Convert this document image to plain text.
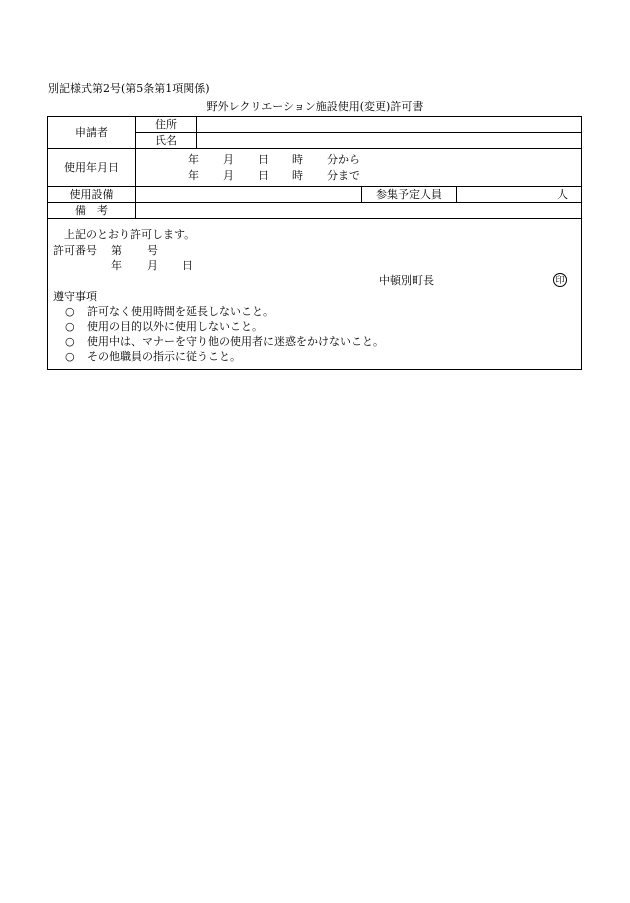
別記様式第2号(第5条第1項関係)
野外レクリエーション施設使用(変更)許可書
申請者
住所
氏名
使用年月日
年 月 日 時 分から
年 月 日 時 分まで
使用設備	参集予定人員	人
備　考
上記のとおり許可します。
許可番号 第 号
年 月 日
中頓別町長
遵守事項
○ 許可なく使用時間を延長しないこと。
○ 使用の目的以外に使用しないこと。
○ 使用中は、マナーを守り他の使用者に迷惑をかけないこと。
○ その他職員の指示に従うこと。
印
